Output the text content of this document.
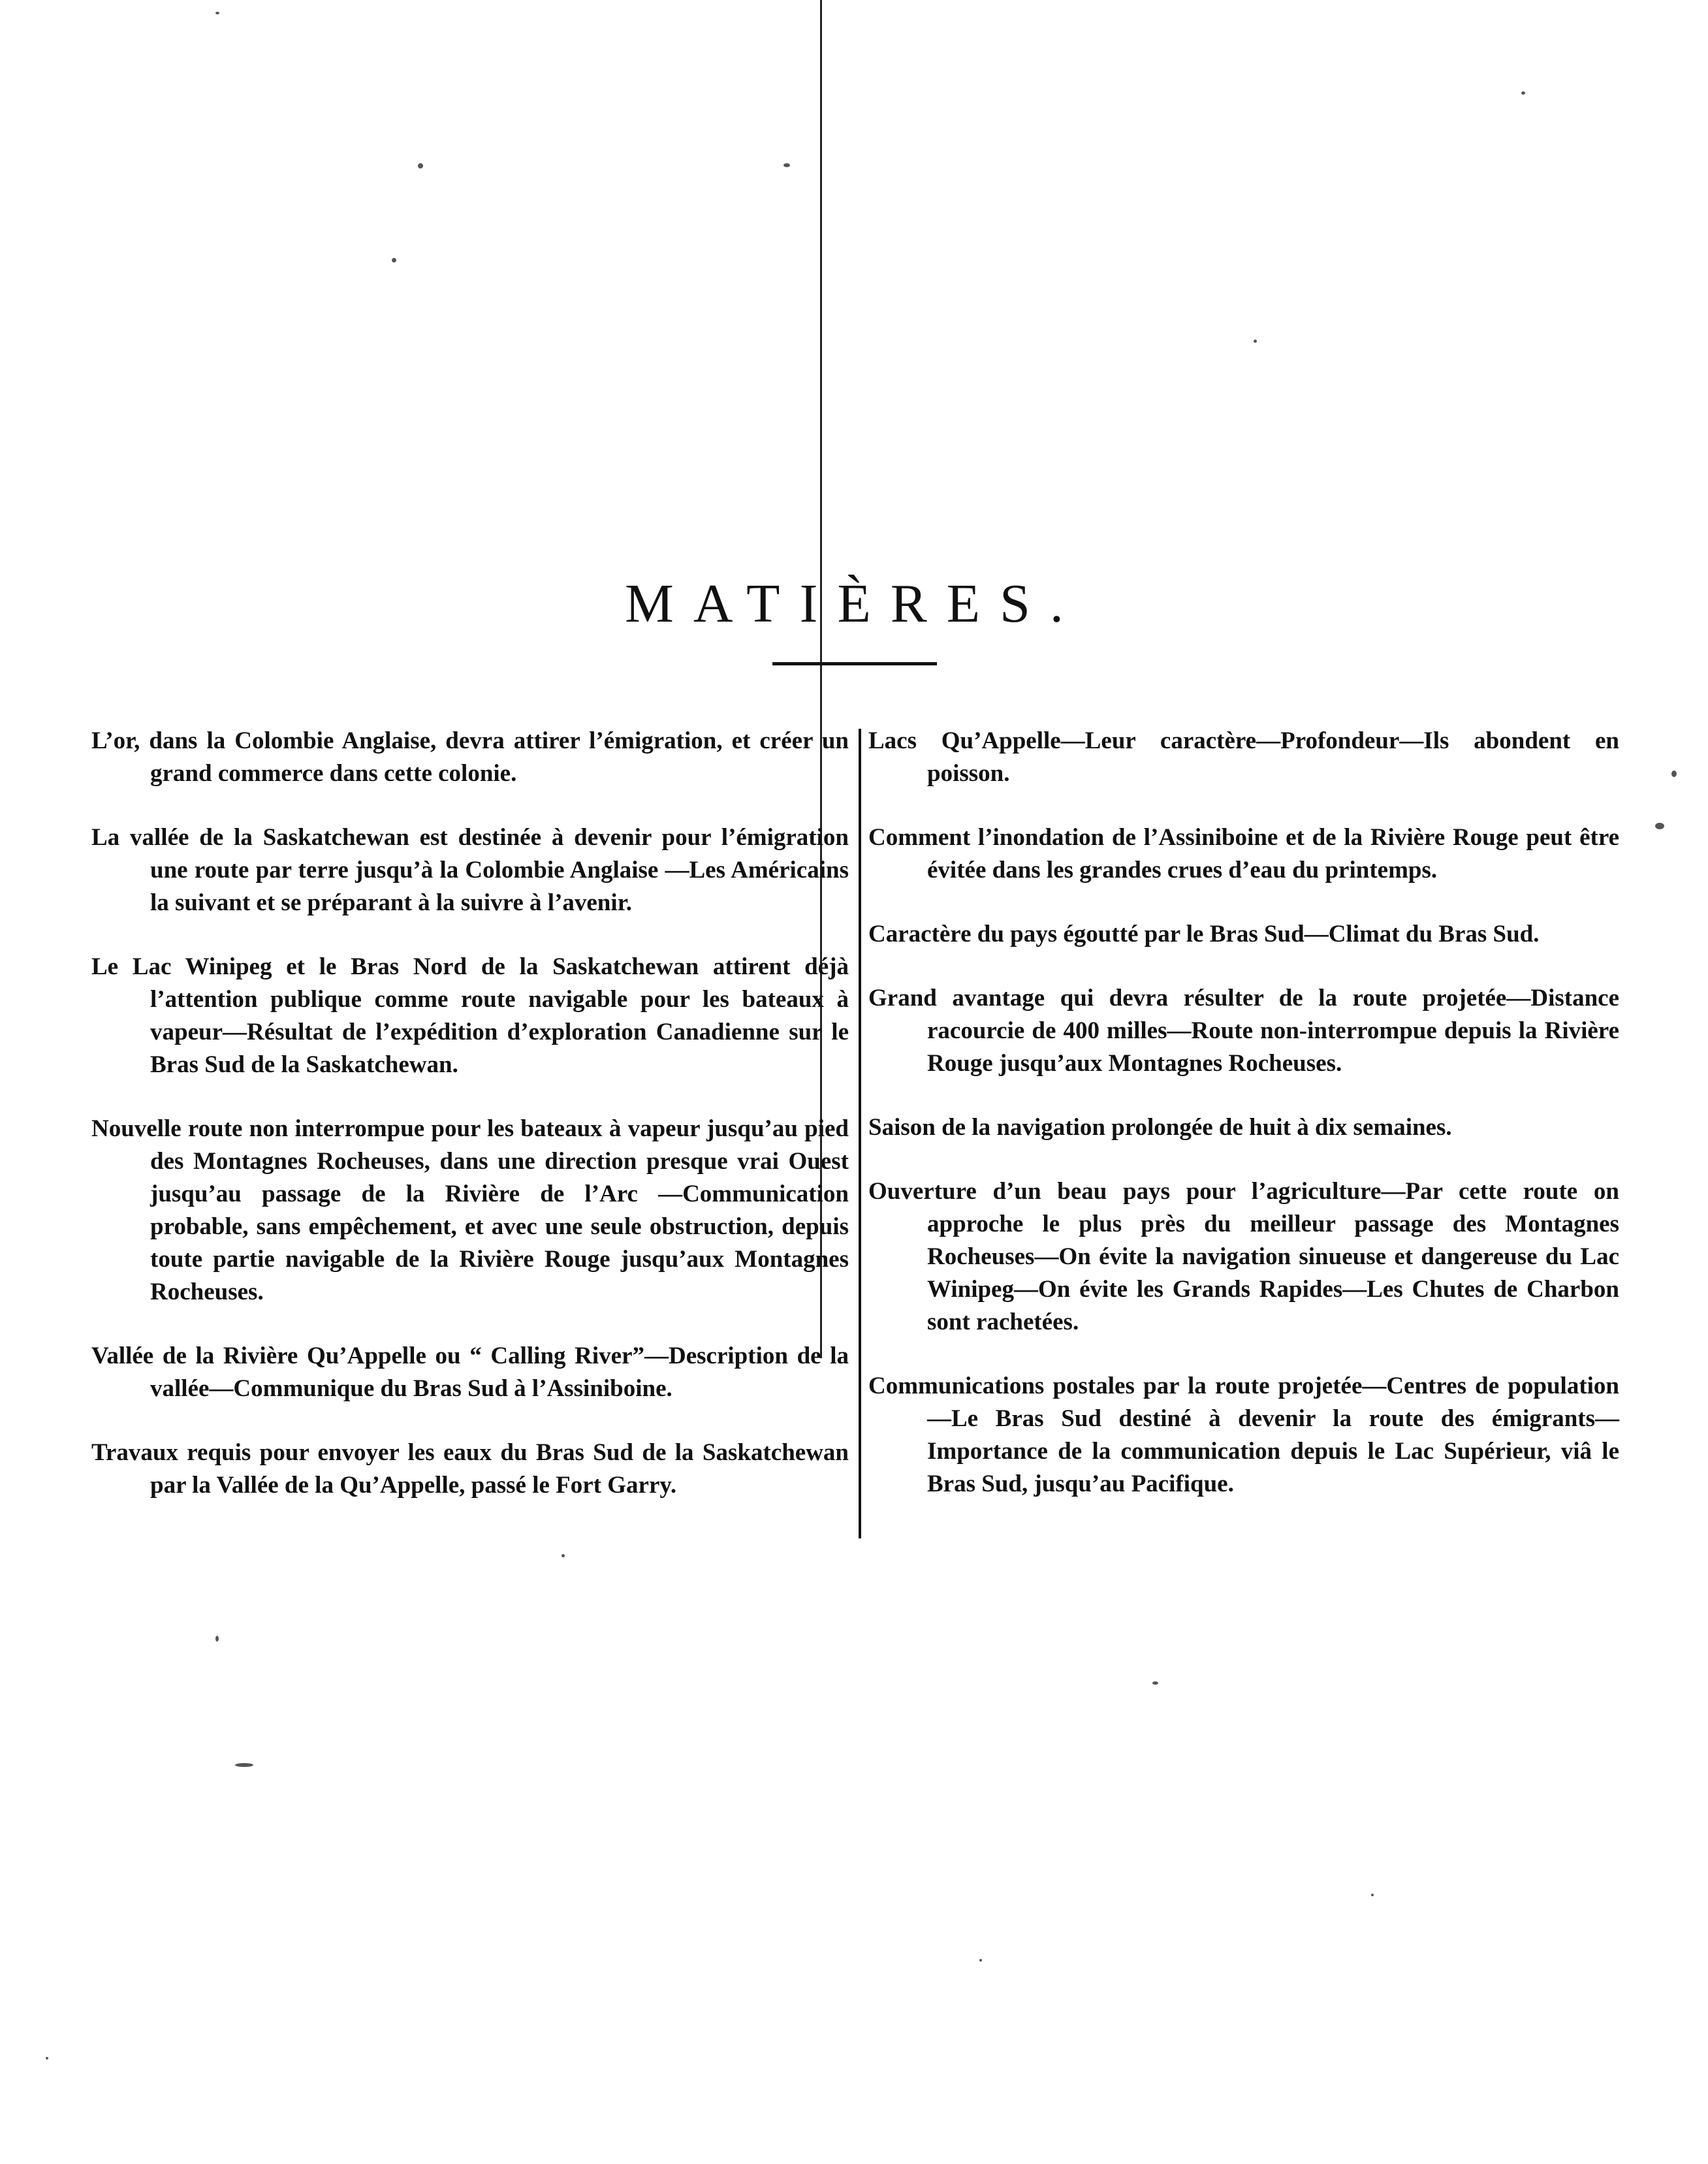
MATIÈRES.

L’or, dans la Colombie Anglaise, devra attirer l’émigration, et créer un grand commerce dans cette colonie.

La vallée de la Saskatchewan est destinée à devenir pour l’émigration une route par terre jusqu’à la Colombie Anglaise —Les Américains la suivant et se préparant à la suivre à l’avenir.

Le Lac Winipeg et le Bras Nord de la Saskatchewan attirent déjà l’attention publique comme route navigable pour les bateaux à vapeur—Résultat de l’expédition d’exploration Canadienne sur le Bras Sud de la Saskatchewan.

Nouvelle route non interrompue pour les bateaux à vapeur jusqu’au pied des Montagnes Rocheuses, dans une direction presque vrai Ouest jusqu’au passage de la Rivière de l’Arc —Communication probable, sans empêchement, et avec une seule obstruction, depuis toute partie navigable de la Rivière Rouge jusqu’aux Montagnes Rocheuses.

Vallée de la Rivière Qu’Appelle ou “ Calling River”—Description de la vallée—Communique du Bras Sud à l’Assiniboine.

Travaux requis pour envoyer les eaux du Bras Sud de la Saskatchewan par la Vallée de la Qu’Appelle, passé le Fort Garry.

Lacs Qu’Appelle—Leur caractère—Profondeur—Ils abondent en poisson.

Comment l’inondation de l’Assiniboine et de la Rivière Rouge peut être évitée dans les grandes crues d’eau du printemps.

Caractère du pays égoutté par le Bras Sud—Climat du Bras Sud.

Grand avantage qui devra résulter de la route projetée—Distance racourcie de 400 milles—Route non-interrompue depuis la Rivière Rouge jusqu’aux Montagnes Rocheuses.

Saison de la navigation prolongée de huit à dix semaines.

Ouverture d’un beau pays pour l’agriculture—Par cette route on approche le plus près du meilleur passage des Montagnes Rocheuses—On évite la navigation sinueuse et dangereuse du Lac Winipeg—On évite les Grands Rapides—Les Chutes de Charbon sont rachetées.

Communications postales par la route projetée—Centres de population—Le Bras Sud destiné à devenir la route des émigrants—Importance de la communication depuis le Lac Supérieur, viâ le Bras Sud, jusqu’au Pacifique.
